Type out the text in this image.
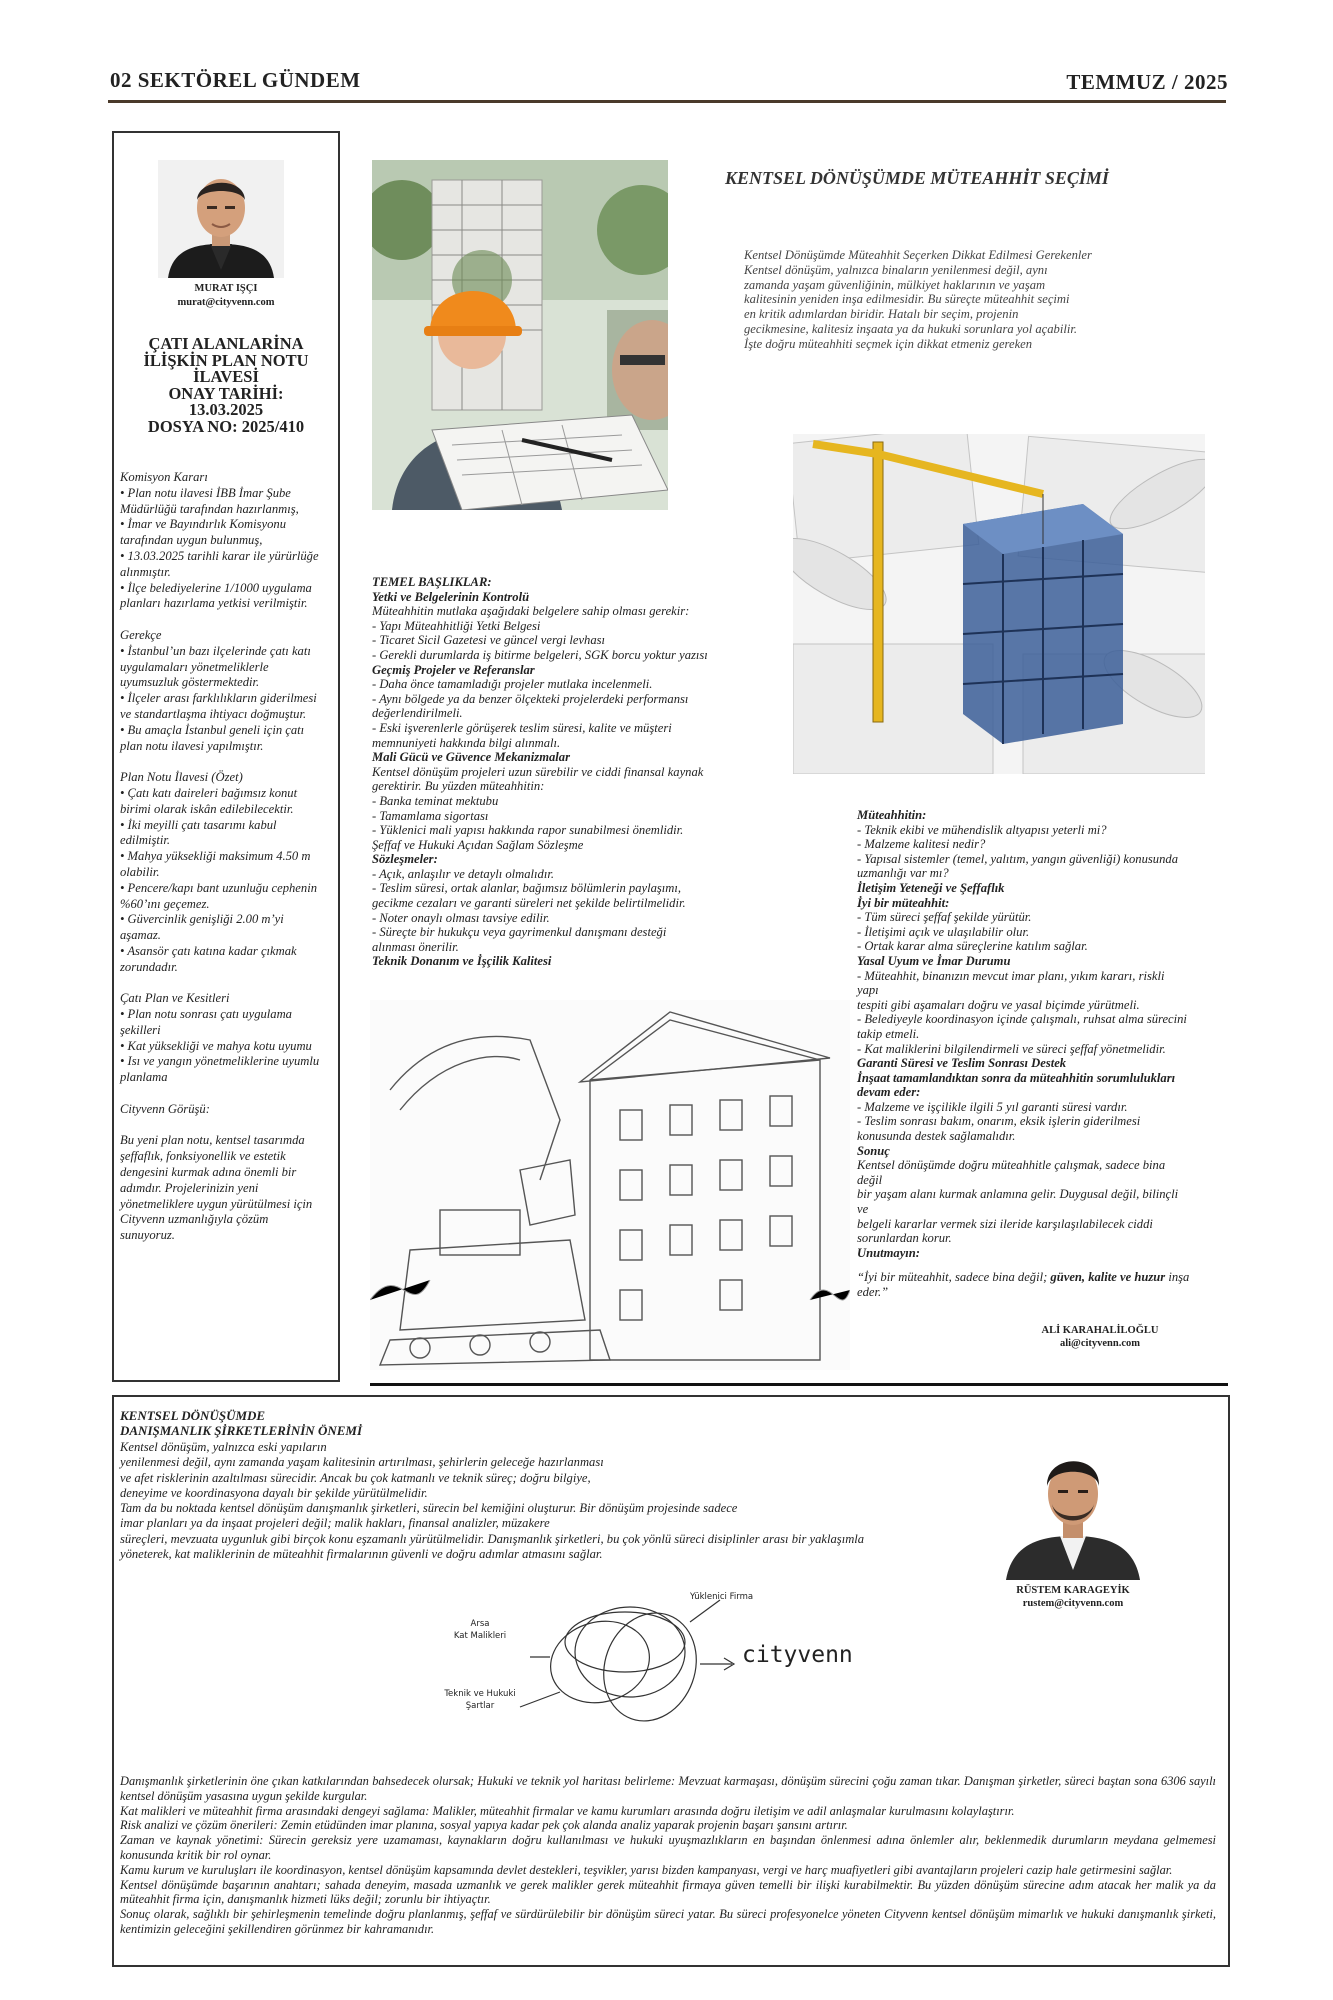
02 SEKTÖREL GÜNDEM	TEMMUZ / 2025
MURAT IŞÇI
murat@cityvenn.com
ÇATI ALANLARİNA
İLİŞKİN PLAN NOTU
İLAVESİ
ONAY TARİHİ:
13.03.2025
DOSYA NO: 2025/410
Komisyon Kararı
• Plan notu ilavesi İBB İmar Şube Müdürlüğü tarafından hazırlanmış,
• İmar ve Bayındırlık Komisyonu tarafından uygun bulunmuş,
• 13.03.2025 tarihli karar ile yürürlüğe alınmıştır.
• İlçe belediyelerine 1/1000 uygulama planları hazırlama yetkisi verilmiştir.
Gerekçe
• İstanbul’un bazı ilçelerinde çatı katı uygulamaları yönetmeliklerle uyumsuzluk göstermektedir.
• İlçeler arası farklılıkların giderilmesi ve standartlaşma ihtiyacı doğmuştur.
• Bu amaçla İstanbul geneli için çatı plan notu ilavesi yapılmıştır.
Plan Notu İlavesi (Özet)
• Çatı katı daireleri bağımsız konut birimi olarak iskân edilebilecektir.
• İki meyilli çatı tasarımı kabul edilmiştir.
• Mahya yüksekliği maksimum 4.50 m olabilir.
• Pencere/kapı bant uzunluğu cephenin %60’ını geçemez.
• Güvercinlik genişliği 2.00 m’yi aşamaz.
• Asansör çatı katına kadar çıkmak zorundadır.
Çatı Plan ve Kesitleri
• Plan notu sonrası çatı uygulama şekilleri
• Kat yüksekliği ve mahya kotu uyumu
• Isı ve yangın yönetmeliklerine uyumlu planlama
Cityvenn Görüşü:
Bu yeni plan notu, kentsel tasarımda şeffaflık, fonksiyonellik ve estetik dengesini kurmak adına önemli bir adımdır. Projelerinizin yeni yönetmeliklere uygun yürütülmesi için Cityvenn uzmanlığıyla çözüm sunuyoruz.
KENTSEL DÖNÜŞÜMDE MÜTEAHHİT SEÇİMİ
Kentsel Dönüşümde Müteahhit Seçerken Dikkat Edilmesi Gerekenler
Kentsel dönüşüm, yalnızca binaların yenilenmesi değil, aynı
zamanda yaşam güvenliğinin, mülkiyet haklarının ve yaşam
kalitesinin yeniden inşa edilmesidir. Bu süreçte müteahhit seçimi
en kritik adımlardan biridir. Hatalı bir seçim, projenin
gecikmesine, kalitesiz inşaata ya da hukuki sorunlara yol açabilir.
İşte doğru müteahhiti seçmek için dikkat etmeniz gereken
TEMEL BAŞLIKLAR:
Yetki ve Belgelerinin Kontrolü
Müteahhitin mutlaka aşağıdaki belgelere sahip olması gerekir:
- Yapı Müteahhitliği Yetki Belgesi
- Ticaret Sicil Gazetesi ve güncel vergi levhası
- Gerekli durumlarda iş bitirme belgeleri, SGK borcu yoktur yazısı
Geçmiş Projeler ve Referanslar
- Daha önce tamamladığı projeler mutlaka incelenmeli.
- Aynı bölgede ya da benzer ölçekteki projelerdeki performansı
değerlendirilmeli.
- Eski işverenlerle görüşerek teslim süresi, kalite ve müşteri
memnuniyeti hakkında bilgi alınmalı.
Mali Gücü ve Güvence Mekanizmalar
Kentsel dönüşüm projeleri uzun sürebilir ve ciddi finansal kaynak
gerektirir. Bu yüzden müteahhitin:
- Banka teminat mektubu
- Tamamlama sigortası
- Yüklenici mali yapısı hakkında rapor sunabilmesi önemlidir.
Şeffaf ve Hukuki Açıdan Sağlam Sözleşme
Sözleşmeler:
- Açık, anlaşılır ve detaylı olmalıdır.
- Teslim süresi, ortak alanlar, bağımsız bölümlerin paylaşımı,
gecikme cezaları ve garanti süreleri net şekilde belirtilmelidir.
- Noter onaylı olması tavsiye edilir.
- Süreçte bir hukukçu veya gayrimenkul danışmanı desteği
alınması önerilir.
Teknik Donanım ve İşçilik Kalitesi
Müteahhitin:
- Teknik ekibi ve mühendislik altyapısı yeterli mi?
- Malzeme kalitesi nedir?
- Yapısal sistemler (temel, yalıtım, yangın güvenliği) konusunda
uzmanlığı var mı?
İletişim Yeteneği ve Şeffaflık
İyi bir müteahhit:
- Tüm süreci şeffaf şekilde yürütür.
- İletişimi açık ve ulaşılabilir olur.
- Ortak karar alma süreçlerine katılım sağlar.
Yasal Uyum ve İmar Durumu
- Müteahhit, binanızın mevcut imar planı, yıkım kararı, riskli
yapı
tespiti gibi aşamaları doğru ve yasal biçimde yürütmeli.
- Belediyeyle koordinasyon içinde çalışmalı, ruhsat alma sürecini
takip etmeli.
- Kat maliklerini bilgilendirmeli ve süreci şeffaf yönetmelidir.
Garanti Süresi ve Teslim Sonrası Destek
İnşaat tamamlandıktan sonra da müteahhitin sorumlulukları
devam eder:
- Malzeme ve işçilikle ilgili 5 yıl garanti süresi vardır.
- Teslim sonrası bakım, onarım, eksik işlerin giderilmesi
konusunda destek sağlamalıdır.
Sonuç
Kentsel dönüşümde doğru müteahhitle çalışmak, sadece bina
değil
bir yaşam alanı kurmak anlamına gelir. Duygusal değil, bilinçli
ve
belgeli kararlar vermek sizi ileride karşılaşılabilecek ciddi
sorunlardan korur.
Unutmayın:
“İyi bir müteahhit, sadece bina değil; güven, kalite ve huzur inşa
eder.”
ALİ KARAHALİLOĞLU
ali@cityvenn.com
KENTSEL DÖNÜŞÜMDE
DANIŞMANLIK ŞİRKETLERİNİN ÖNEMİ
Kentsel dönüşüm, yalnızca eski yapıların
yenilenmesi değil, aynı zamanda yaşam kalitesinin artırılması, şehirlerin geleceğe hazırlanması
ve afet risklerinin azaltılması sürecidir. Ancak bu çok katmanlı ve teknik süreç; doğru bilgiye,
deneyime ve koordinasyona dayalı bir şekilde yürütülmelidir.
Tam da bu noktada kentsel dönüşüm danışmanlık şirketleri, sürecin bel kemiğini oluşturur. Bir dönüşüm projesinde sadece
imar planları ya da inşaat projeleri değil; malik hakları, finansal analizler, müzakere
süreçleri, mevzuata uygunluk gibi birçok konu eşzamanlı yürütülmelidir. Danışmanlık şirketleri, bu çok yönlü süreci disiplinler arası bir yaklaşımla
yöneterek, kat maliklerinin de müteahhit firmalarının güvenli ve doğru adımlar atmasını sağlar.
RÜSTEM KARAGEYİK
rustem@cityvenn.com
Yüklenici Firma
Arsa
Kat Malikleri
Teknik ve Hukuki
Şartlar
cityvenn
Danışmanlık şirketlerinin öne çıkan katkılarından bahsedecek olursak; Hukuki ve teknik yol haritası belirleme: Mevzuat karmaşası, dönüşüm sürecini çoğu zaman tıkar. Danışman şirketler, süreci baştan sona 6306 sayılı kentsel dönüşüm yasasına uygun şekilde kurgular.
Kat malikleri ve müteahhit firma arasındaki dengeyi sağlama: Malikler, müteahhit firmalar ve kamu kurumları arasında doğru iletişim ve adil anlaşmalar kurulmasını kolaylaştırır.
Risk analizi ve çözüm önerileri: Zemin etüdünden imar planına, sosyal yapıya kadar pek çok alanda analiz yaparak projenin başarı şansını artırır.
Zaman ve kaynak yönetimi: Sürecin gereksiz yere uzamaması, kaynakların doğru kullanılması ve hukuki uyuşmazlıkların en başından önlenmesi adına önlemler alır, beklenmedik durumların meydana gelmemesi konusunda kritik bir rol oynar.
Kamu kurum ve kuruluşları ile koordinasyon, kentsel dönüşüm kapsamında devlet destekleri, teşvikler, yarısı bizden kampanyası, vergi ve harç muafiyetleri gibi avantajların projeleri cazip hale getirmesini sağlar.
Kentsel dönüşümde başarının anahtarı; sahada deneyim, masada uzmanlık ve gerek malikler gerek müteahhit firmaya güven temelli bir ilişki kurabilmektir. Bu yüzden dönüşüm sürecine adım atacak her malik ya da müteahhit firma için, danışmanlık hizmeti lüks değil; zorunlu bir ihtiyaçtır.
Sonuç olarak, sağlıklı bir şehirleşmenin temelinde doğru planlanmış, şeffaf ve sürdürülebilir bir dönüşüm süreci yatar. Bu süreci profesyonelce yöneten Cityvenn kentsel dönüşüm mimarlık ve hukuki danışmanlık şirketi, kentimizin geleceğini şekillendiren görünmez bir kahramanıdır.
